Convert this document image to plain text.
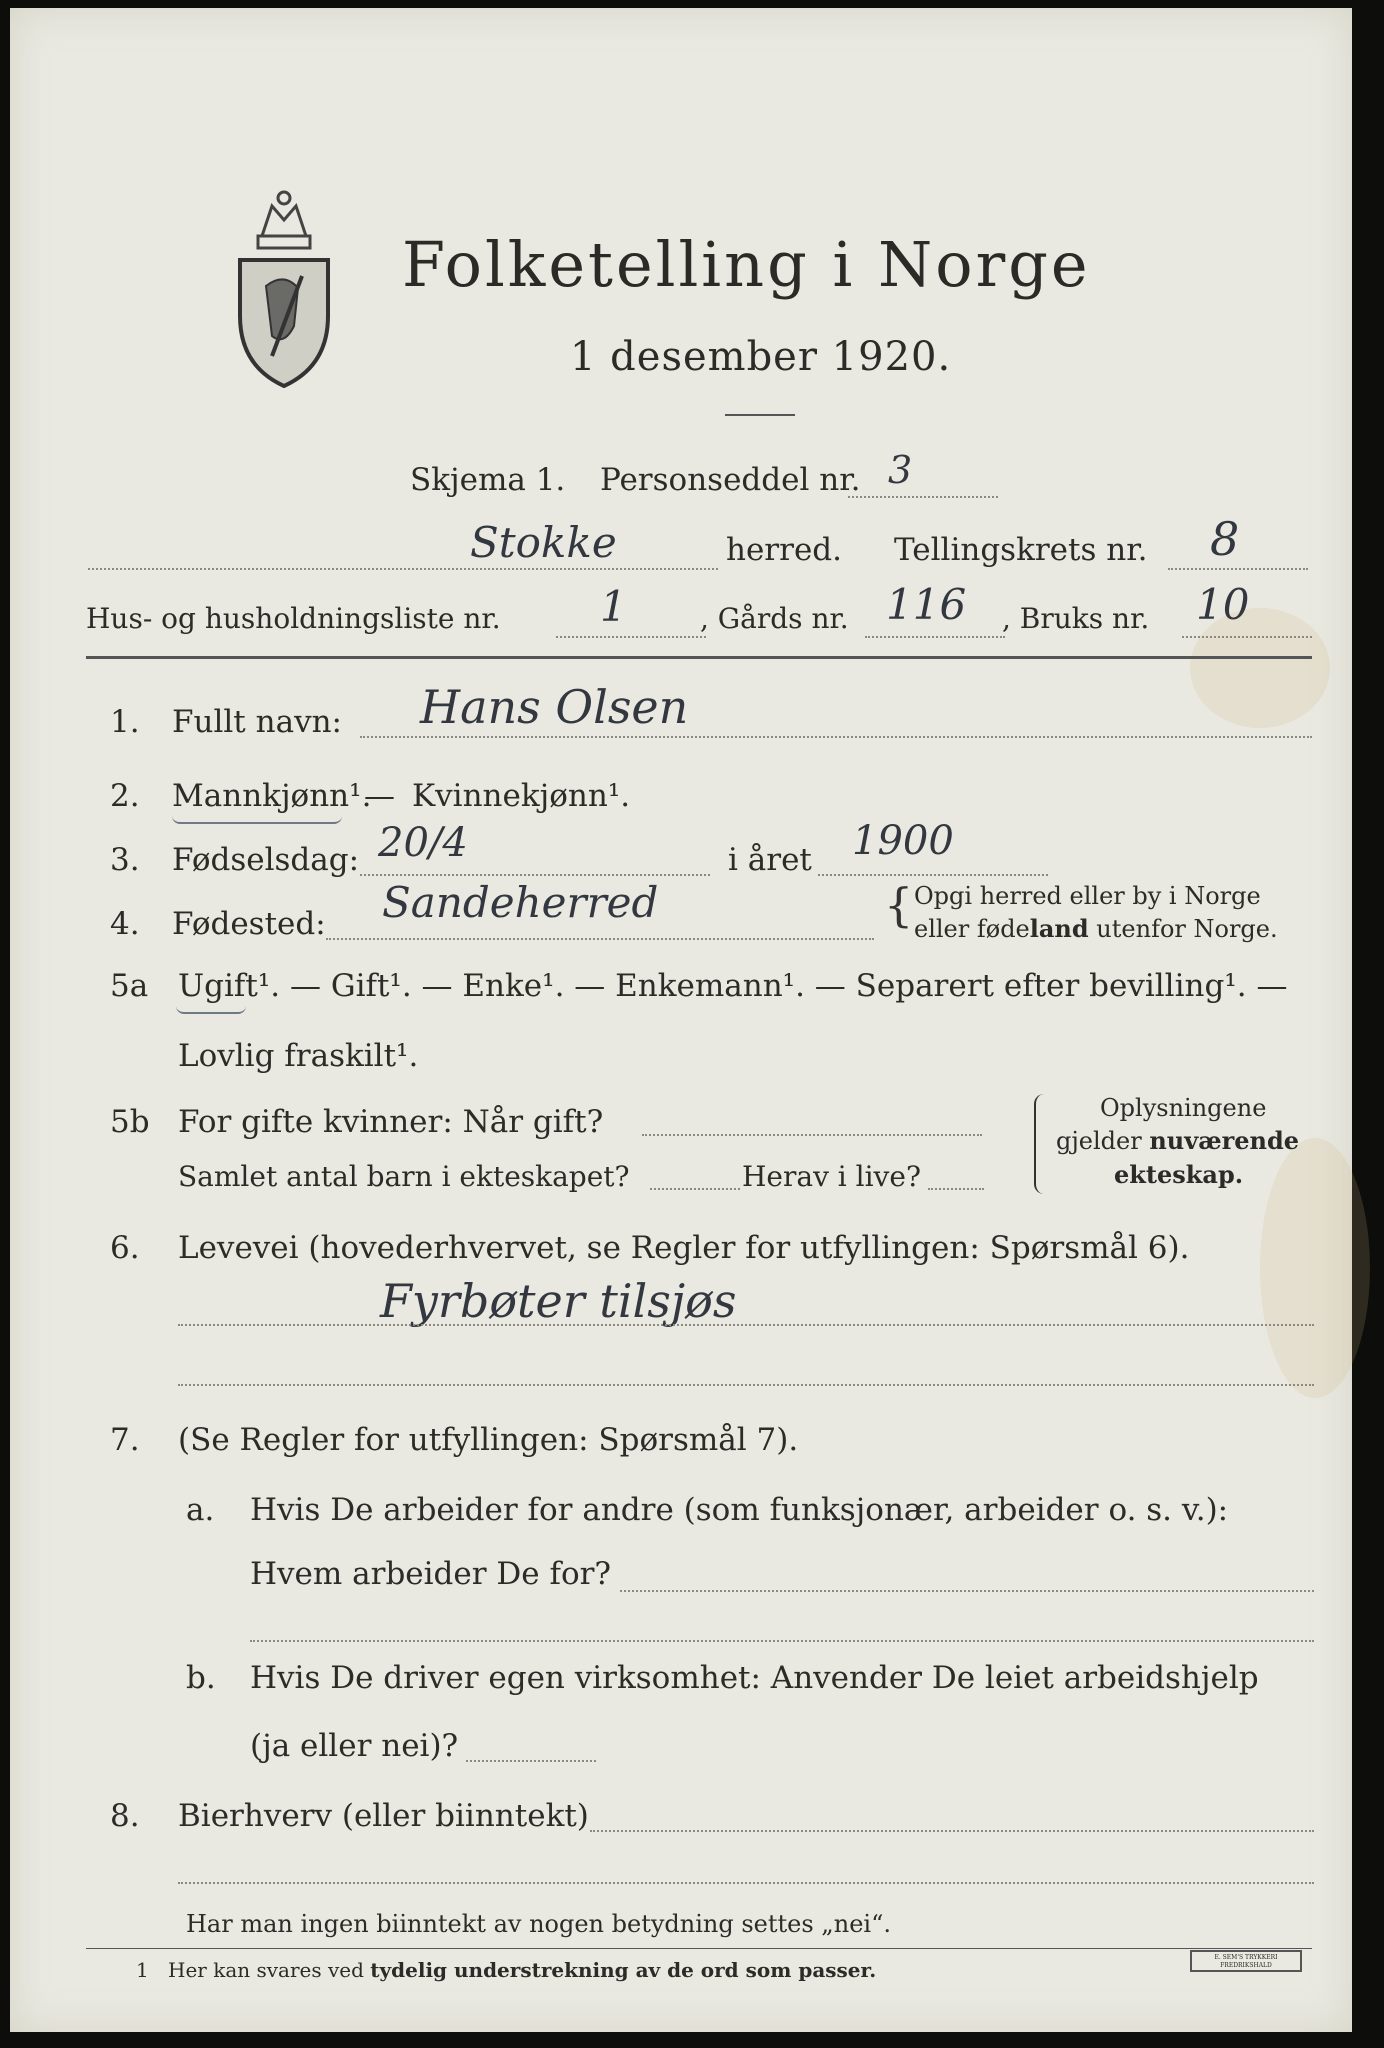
Folketelling i Norge
1 desember 1920.
Skjema 1. Personseddel nr. 3
Stokke	herred. Tellingskrets nr. 8
Hus- og husholdningsliste nr. 1	, Gårds nr. 116 , Bruks nr. 10
1.	Fullt navn: Hans Olsen
2.	Mannkjønn¹.
— Kvinnekjønn¹.
3.	Fødselsdag: 20/4	i året 1900
4.	Fødested: Sandeherred	{ Opgi herred eller by i Norge
eller fødeland utenfor Norge.
5a Ugift¹. — Gift¹. — Enke¹. — Enkemann¹. — Separert efter bevilling¹. —
Lovlig fraskilt¹.
5b For gifte kvinner: Når gift?
Samlet antal barn i ekteskapet?	Herav i live?
Oplysningene
gjelder nuværende
ekteskap.
6.	Levevei (hovederhvervet, se Regler for utfyllingen: Spørsmål 6).
Fyrbøter tilsjøs
7.	(Se Regler for utfyllingen: Spørsmål 7).
a. Hvis De arbeider for andre (som funksjonær, arbeider o. s. v.):
Hvem arbeider De for?
b. Hvis De driver egen virksomhet: Anvender De leiet arbeidshjelp
(ja eller nei)?
8.	Bierhverv (eller biinntekt)
Har man ingen biinntekt av nogen betydning settes „nei“.
1 Her kan svares ved tydelig understrekning av de ord som passer.
E. SEM'S TRYKKERI FREDRIKSHALD
